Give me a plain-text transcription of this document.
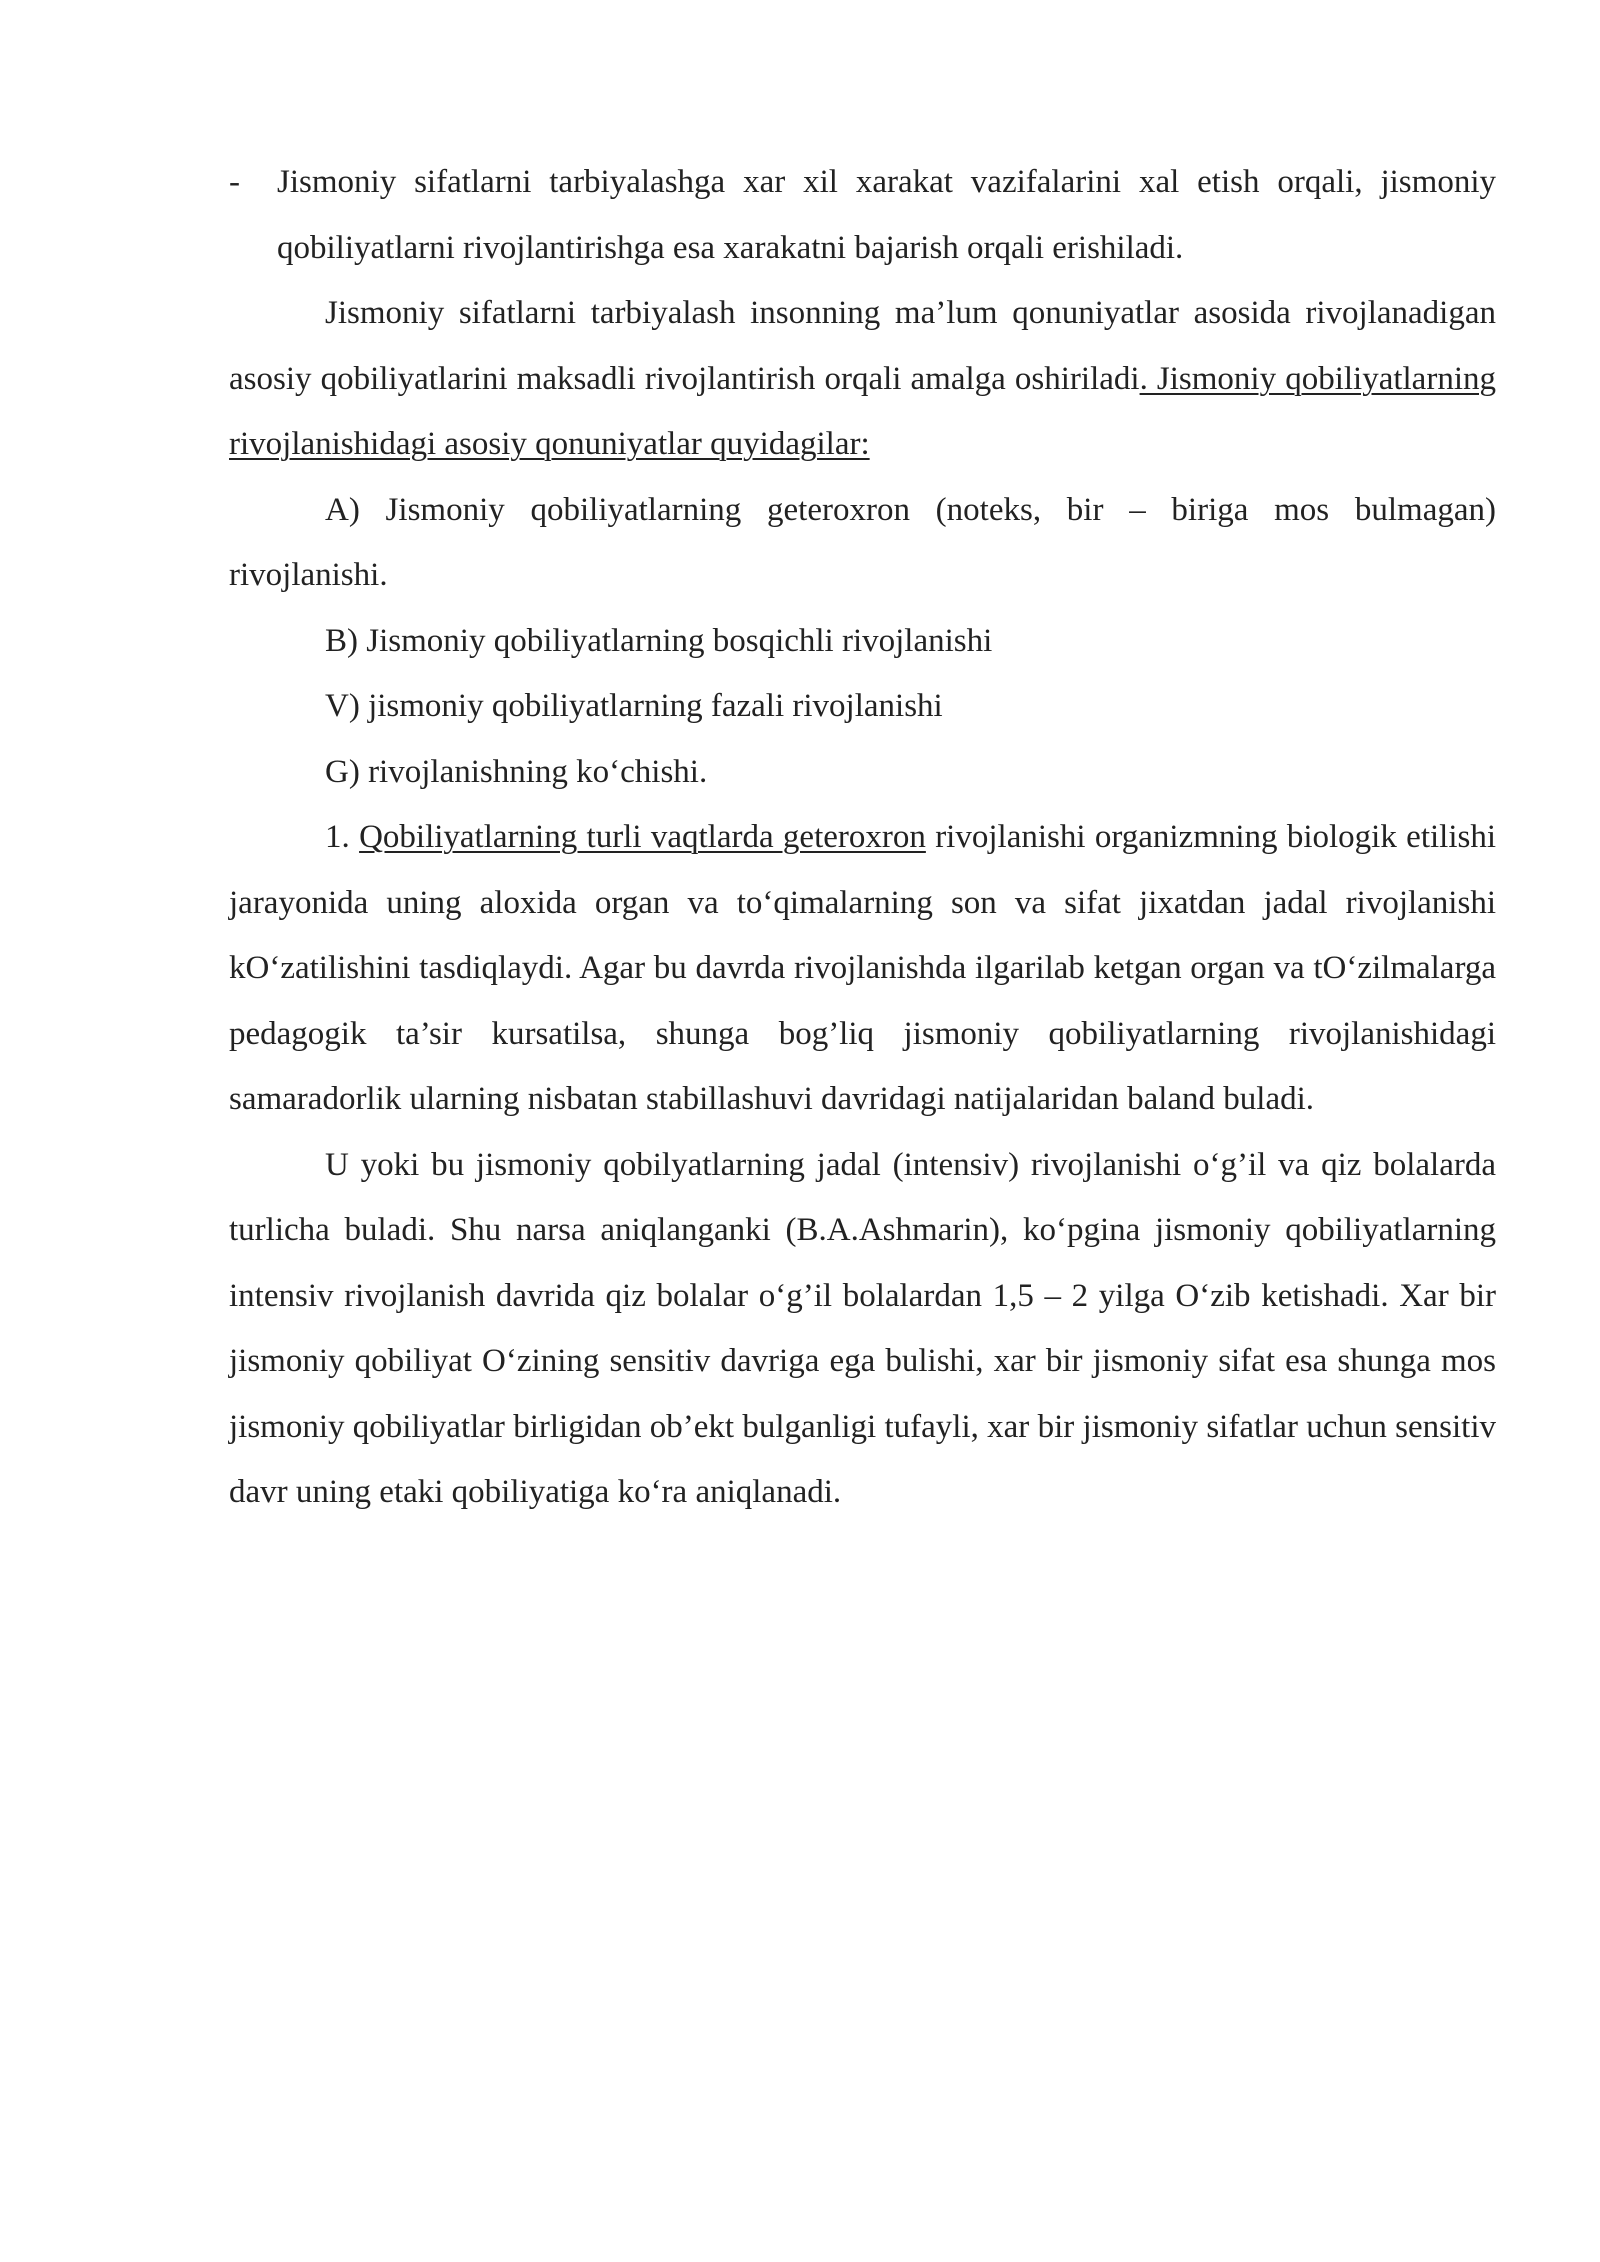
-	Jismoniy sifatlarni tarbiyalashga xar xil xarakat vazifalarini xal etish orqali, jismoniy qobiliyatlarni rivojlantirishga esa xarakatni bajarish orqali erishiladi.

Jismoniy sifatlarni tarbiyalash insonning ma’lum qonuniyatlar asosida rivojlanadigan asosiy qobiliyatlarini maksadli rivojlantirish orqali amalga oshiriladi. Jismoniy qobiliyatlarning rivojlanishidagi asosiy qonuniyatlar quyidagilar:

A) Jismoniy qobiliyatlarning geteroxron (noteks, bir – biriga mos bulmagan) rivojlanishi.

B) Jismoniy qobiliyatlarning bosqichli rivojlanishi

V) jismoniy qobiliyatlarning fazali rivojlanishi

G) rivojlanishning ko‘chishi.

1. Qobiliyatlarning turli vaqtlarda geteroxron rivojlanishi organizmning biologik etilishi jarayonida uning aloxida organ va to‘qimalarning son va sifat jixatdan jadal rivojlanishi kO‘zatilishini tasdiqlaydi. Agar bu davrda rivojlanishda ilgarilab ketgan organ va tO‘zilmalarga pedagogik ta’sir kursatilsa, shunga bog’liq jismoniy qobiliyatlarning rivojlanishidagi samaradorlik ularning nisbatan stabillashuvi davridagi natijalaridan baland buladi.

U yoki bu jismoniy qobilyatlarning jadal (intensiv) rivojlanishi o‘g’il va qiz bolalarda turlicha buladi. Shu narsa aniqlanganki (B.A.Ashmarin), ko‘pgina jismoniy qobiliyatlarning intensiv rivojlanish davrida qiz bolalar o‘g’il bolalardan 1,5 – 2 yilga O‘zib ketishadi. Xar bir jismoniy qobiliyat O‘zining sensitiv davriga ega bulishi, xar bir jismoniy sifat esa shunga mos jismoniy qobiliyatlar birligidan ob’ekt bulganligi tufayli, xar bir jismoniy sifatlar uchun sensitiv davr uning etaki qobiliyatiga ko‘ra aniqlanadi.
